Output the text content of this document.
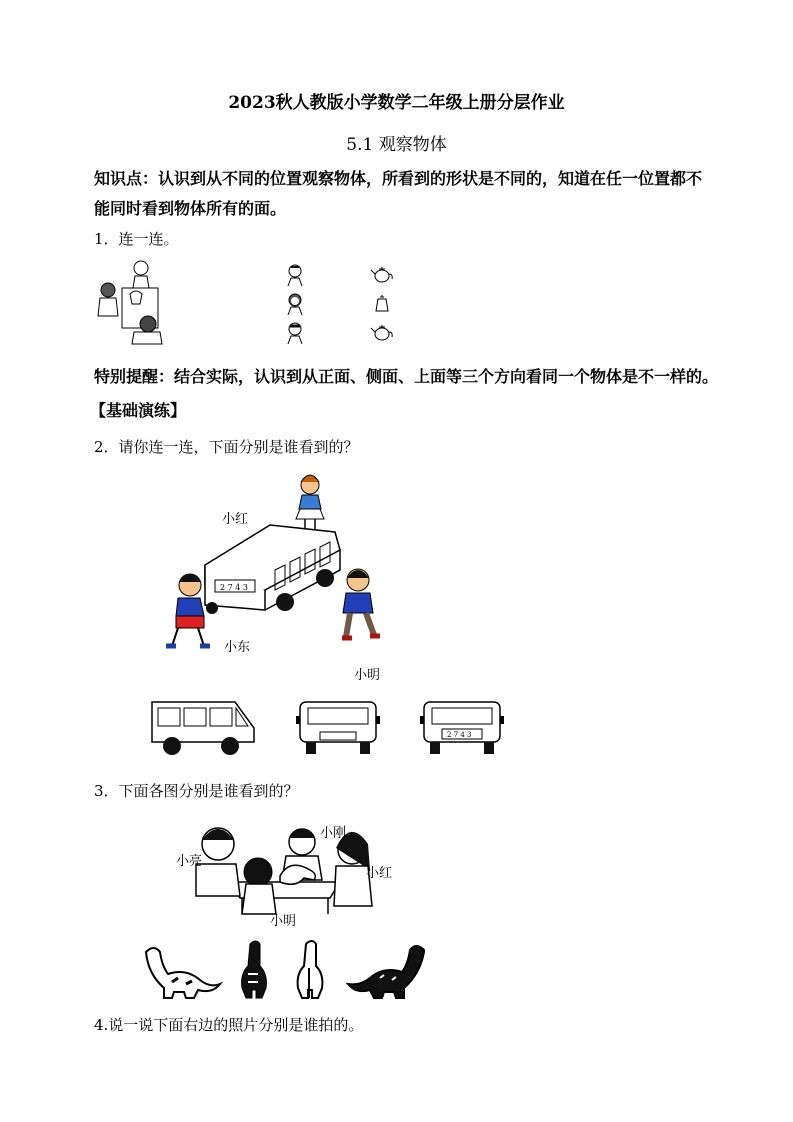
2023秋人教版小学数学二年级上册分层作业
5.1 观察物体
知识点：认识到从不同的位置观察物体，所看到的形状是不同的，知道在任一位置都不能同时看到物体所有的面。
1．连一连。
特别提醒：结合实际，认识到从正面、侧面、上面等三个方向看同一个物体是不一样的。
【基础演练】
2．请你连一连，下面分别是谁看到的？
2 7 4 3
小红
小东
小明
2 7 4 3
3．下面各图分别是谁看到的？
小刚
小亮
小红
小明
4.说一说下面右边的照片分别是谁拍的。
